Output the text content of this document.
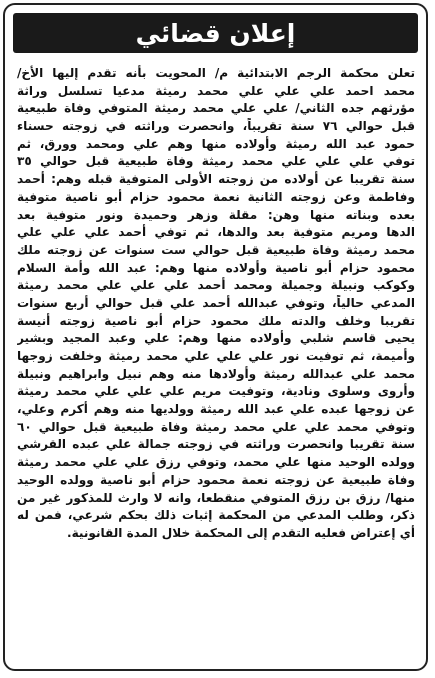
إعلان قضائي
تعلن محكمة الرجم الابتدائية م/ المحويت بأنه تقدم إليها الأخ/
محمد احمد علي علي علي محمد رميثة مدعيا تسلسل وراثة
مؤرثهم جده الثاني/ علي علي محمد رميثة المتوفي وفاة طبيعية
قبل حوالي ٧٦ سنة تقريباً، وانحصرت وراثته في زوجته حسناء
حمود عبد الله رميثة وأولاده منها وهم علي ومحمد وورق، ثم
توفي علي علي علي محمد رميثة وفاة طبيعية قبل حوالي ٣٥
سنة تقريبا عن أولاده من زوجته الأولى المتوفية قبله وهم: أحمد
وفاطمة وعن زوجته الثانية نعمة محمود حزام أبو ناصية متوفية
بعده وبناته منها وهن: مقلة وزهر وحميدة ونور متوفية بعد
الدها ومريم متوفية بعد والدها، ثم توفي أحمد علي علي علي
محمد رميثة وفاة طبيعية قبل حوالي ست سنوات عن زوجته ملك
محمود حزام أبو ناصية وأولاده منها وهم: عبد الله وأمة السلام
وكوكب ونبيلة وجميلة ومحمد أحمد علي علي علي محمد رميثة
المدعي حالياً، وتوفي عبدالله أحمد علي قبل حوالي أربع سنوات
تقريبا وخلف والدته ملك محمود حزام أبو ناصية زوجته أنيسة
يحيى قاسم شلبي وأولاده منها وهم: علي وعبد المجيد وبشير
وأميمة، ثم توفيت نور علي علي علي محمد رميثة وخلفت زوجها
محمد علي عبدالله رميثة وأولادها منه وهم نبيل وابراهيم ونبيلة
وأروى وسلوى ونادية، وتوفيت مريم علي علي علي محمد رميثة
عن زوجها عبده علي عبد الله رميثة وولديها منه وهم أكرم وعلي،
وتوفي محمد علي علي محمد رميثة وفاة طبيعية قبل حوالي ٦٠
سنة تقريبا وانحصرت وراثته في زوجته جمالة علي عبده القرشي
وولده الوحيد منها علي محمد، وتوفي رزق علي علي محمد رميثة
وفاة طبيعية عن زوجته نعمة محمود حزام أبو ناصية وولده الوحيد
منها/ رزق بن رزق المتوفي منقطعا، وانه لا وارث للمذكور غير من
ذكر، وطلب المدعي من المحكمة إثبات ذلك بحكم شرعي، فمن له
أي إعتراض فعليه التقدم إلى المحكمة خلال المدة القانونية.
